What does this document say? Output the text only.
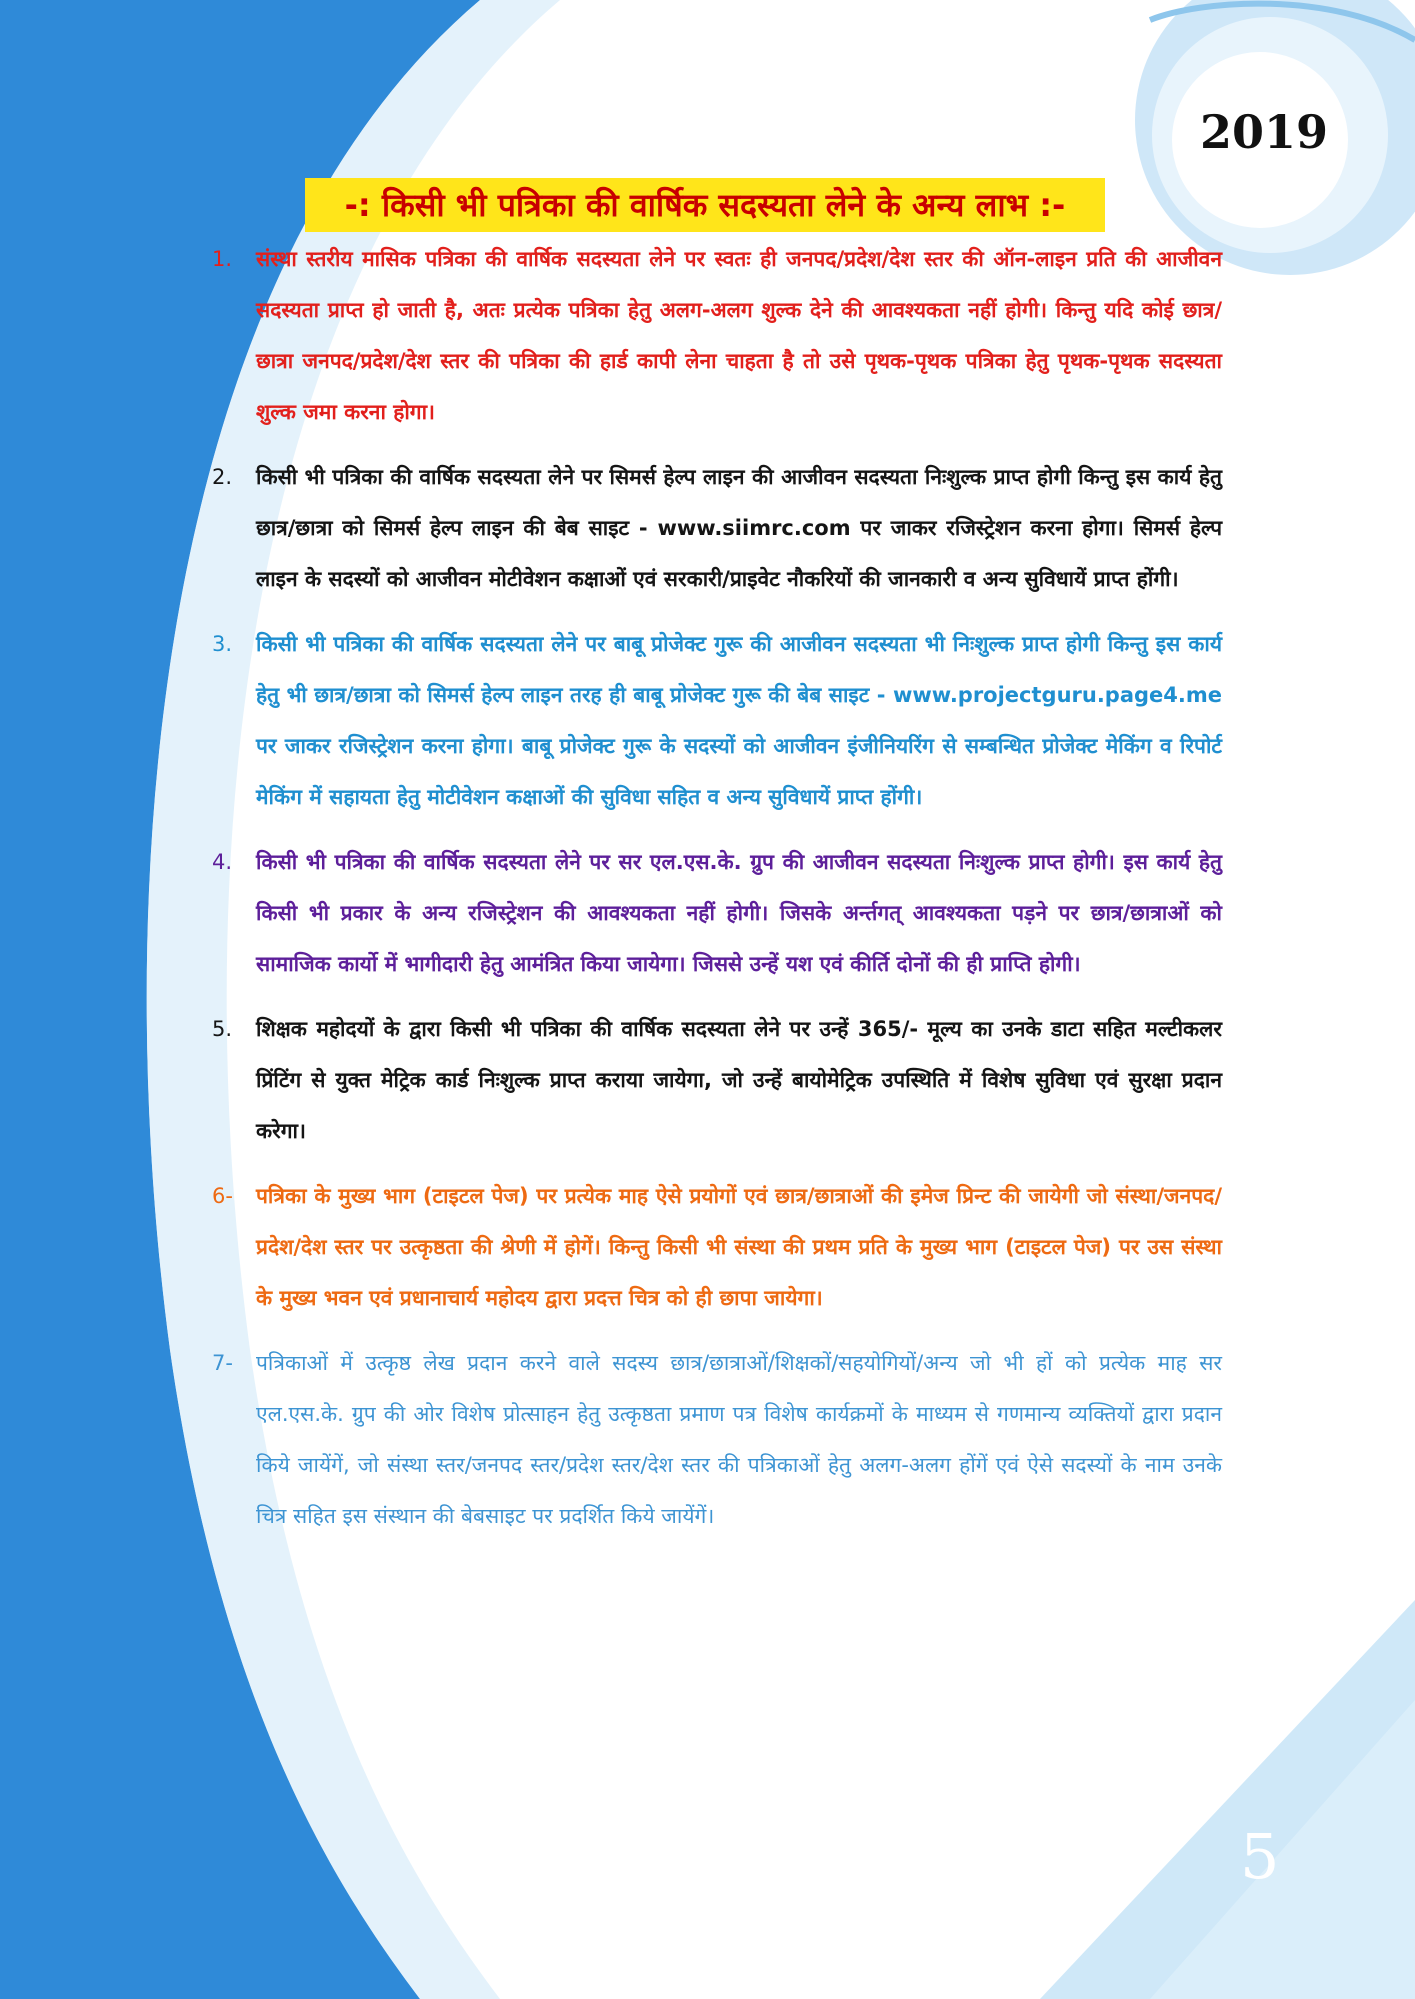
2019
-: किसी भी पत्रिका की वार्षिक सदस्यता लेने के अन्य लाभ :-
1.	संस्था स्तरीय मासिक पत्रिका की वार्षिक सदस्यता लेने पर स्वतः ही जनपद/प्रदेश/देश स्तर की ऑन-लाइन प्रति की आजीवन सदस्यता प्राप्त हो जाती है, अतः प्रत्येक पत्रिका हेतु अलग-अलग शुल्क देने की आवश्यकता नहीं होगी। किन्तु यदि कोई छात्र/छात्रा जनपद/प्रदेश/देश स्तर की पत्रिका की हार्ड कापी लेना चाहता है तो उसे पृथक-पृथक पत्रिका हेतु पृथक-पृथक सदस्यता शुल्क जमा करना होगा।

2.	किसी भी पत्रिका की वार्षिक सदस्यता लेने पर सिमर्स हेल्प लाइन की आजीवन सदस्यता निःशुल्क प्राप्त होगी किन्तु इस कार्य हेतु छात्र/छात्रा को सिमर्स हेल्प लाइन की बेब साइट - www.siimrc.com पर जाकर रजिस्ट्रेशन करना होगा। सिमर्स हेल्प लाइन के सदस्यों को आजीवन मोटीवेशन कक्षाओं एवं सरकारी/प्राइवेट नौकरियों की जानकारी व अन्य सुविधायें प्राप्त होंगी।

3.	किसी भी पत्रिका की वार्षिक सदस्यता लेने पर बाबू प्रोजेक्ट गुरू की आजीवन सदस्यता भी निःशुल्क प्राप्त होगी किन्तु इस कार्य हेतु भी छात्र/छात्रा को सिमर्स हेल्प लाइन तरह ही बाबू प्रोजेक्ट गुरू की बेब साइट - www.projectguru.page4.me पर जाकर रजिस्ट्रेशन करना होगा। बाबू प्रोजेक्ट गुरू के सदस्यों को आजीवन इंजीनियरिंग से सम्बन्धित प्रोजेक्ट मेकिंग व रिपोर्ट मेकिंग में सहायता हेतु मोटीवेशन कक्षाओं की सुविधा सहित व अन्य सुविधायें प्राप्त होंगी।

4.	किसी भी पत्रिका की वार्षिक सदस्यता लेने पर सर एल.एस.के. ग्रुप की आजीवन सदस्यता निःशुल्क प्राप्त होगी। इस कार्य हेतु किसी भी प्रकार के अन्य रजिस्ट्रेशन की आवश्यकता नहीं होगी। जिसके अर्न्तगत् आवश्यकता पड़ने पर छात्र/छात्राओं को सामाजिक कार्यो में भागीदारी हेतु आमंत्रित किया जायेगा। जिससे उन्हें यश एवं कीर्ति दोनों की ही प्राप्ति होगी।

5.	शिक्षक महोदयों के द्वारा किसी भी पत्रिका की वार्षिक सदस्यता लेने पर उन्हें 365/- मूल्य का उनके डाटा सहित मल्टीकलर प्रिंटिंग से युक्त मेट्रिक कार्ड निःशुल्क प्राप्त कराया जायेगा, जो उन्हें बायोमेट्रिक उपस्थिति में विशेष सुविधा एवं सुरक्षा प्रदान करेगा।

6-	पत्रिका के मुख्य भाग (टाइटल पेज) पर प्रत्येक माह ऐसे प्रयोगों एवं छात्र/छात्राओं की इमेज प्रिन्ट की जायेगी जो संस्था/जनपद/प्रदेश/देश स्तर पर उत्कृष्ठता की श्रेणी में होगें। किन्तु किसी भी संस्था की प्रथम प्रति के मुख्य भाग (टाइटल पेज) पर उस संस्था के मुख्य भवन एवं प्रधानाचार्य महोदय द्वारा प्रदत्त चित्र को ही छापा जायेगा।

7-	पत्रिकाओं में उत्कृष्ठ लेख प्रदान करने वाले सदस्य छात्र/छात्राओं/शिक्षकों/सहयोगियों/अन्य जो भी हों को प्रत्येक माह सर एल.एस.के. ग्रुप की ओर विशेष प्रोत्साहन हेतु उत्कृष्ठता प्रमाण पत्र विशेष कार्यक्रमों के माध्यम से गणमान्य व्यक्तियों द्वारा प्रदान किये जायेंगें, जो संस्था स्तर/जनपद स्तर/प्रदेश स्तर/देश स्तर की पत्रिकाओं हेतु अलग-अलग होंगें एवं ऐसे सदस्यों के नाम उनके चित्र सहित इस संस्थान की बेबसाइट पर प्रदर्शित किये जायेंगें।

5
